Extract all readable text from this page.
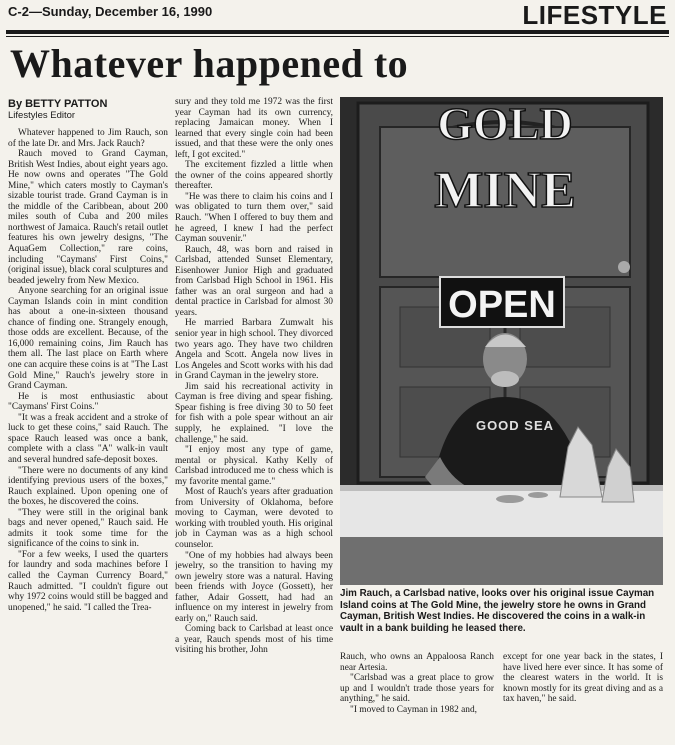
C-2—Sunday, December 16, 1990	LIFESTYLE
Whatever happened to
By BETTY PATTON
Lifestyles Editor

Whatever happened to Jim Rauch, son of the late Dr. and Mrs. Jack Rauch?

Rauch moved to Grand Cayman, British West Indies, about eight years ago. He now owns and operates "The Gold Mine," which caters mostly to Cayman's sizable tourist trade. Grand Cayman is in the middle of the Caribbean, about 200 miles south of Cuba and 200 miles northwest of Jamaica. Rauch's retail outlet features his own jewelry designs, "The AquaGem Collection," rare coins, including "Caymans' First Coins," (original issue), black coral sculptures and beaded jewelry from New Mexico.

Anyone searching for an original issue Cayman Islands coin in mint condition has about a one-in-sixteen thousand chance of finding one. Strangely enough, those odds are excellent. Because, of the 16,000 remaining coins, Jim Rauch has them all. The last place on Earth where one can acquire these coins is at "The Last Gold Mine," Rauch's jewelry store in Grand Cayman.

He is most enthusiastic about "Caymans' First Coins."

"It was a freak accident and a stroke of luck to get these coins," said Rauch. The space Rauch leased was once a bank, complete with a class "A" walk-in vault and several hundred safe-deposit boxes.

"There were no documents of any kind identifying previous users of the boxes," Rauch explained. Upon opening one of the boxes, he discovered the coins.

"They were still in the original bank bags and never opened," Rauch said. He admits it took some time for the significance of the coins to sink in.

"For a few weeks, I used the quarters for laundry and soda machines before I called the Cayman Currency Board," Rauch admitted. "I couldn't figure out why 1972 coins would still be bagged and unopened," he said. "I called the Trea-

sury and they told me 1972 was the first year Cayman had its own currency, replacing Jamaican money. When I learned that every single coin had been issued, and that these were the only ones left, I got excited."

The excitement fizzled a little when the owner of the coins appeared shortly thereafter.

"He was there to claim his coins and I was obligated to turn them over," said Rauch. "When I offered to buy them and he agreed, I knew I had the perfect Cayman souvenir."

Rauch, 48, was born and raised in Carlsbad, attended Sunset Elementary, Eisenhower Junior High and graduated from Carlsbad High School in 1961. His father was an oral surgeon and had a dental practice in Carlsbad for almost 30 years.

He married Barbara Zumwalt his senior year in high school. They divorced two years ago. They have two children Angela and Scott. Angela now lives in Los Angeles and Scott works with his dad in Grand Cayman in the jewelry store.

Jim said his recreational activity in Cayman is free diving and spear fishing. Spear fishing is free diving 30 to 50 feet for fish with a pole spear without an air supply, he explained. "I love the challenge," he said.

"I enjoy most any type of game, mental or physical. Kathy Kelly of Carlsbad introduced me to chess which is my favorite mental game."

Most of Rauch's years after graduation from University of Oklahoma, before moving to Cayman, were devoted to working with troubled youth. His original job in Cayman was as a high school counselor.

"One of my hobbies had always been jewelry, so the transition to having my own jewelry store was a natural. Having been friends with Joyce (Gossett), her father, Adair Gossett, had had an influence on my interest in jewelry from early on," Rauch said.

Coming back to Carlsbad at least once a year, Rauch spends most of his time visiting his brother, John

GOLD
MINE
OPEN
GOOD SEA
Jim Rauch, a Carlsbad native, looks over his original issue Cayman Island coins at The Gold Mine, the jewelry store he owns in Grand Cayman, British West Indies. He discovered the coins in a walk-in vault in a bank building he leased there.

Rauch, who owns an Appaloosa Ranch near Artesia.

"Carlsbad was a great place to grow up and I wouldn't trade those years for anything," he said.

"I moved to Cayman in 1982 and,

except for one year back in the states, I have lived here ever since. It has some of the clearest waters in the world. It is known mostly for its great diving and as a tax haven," he said.
